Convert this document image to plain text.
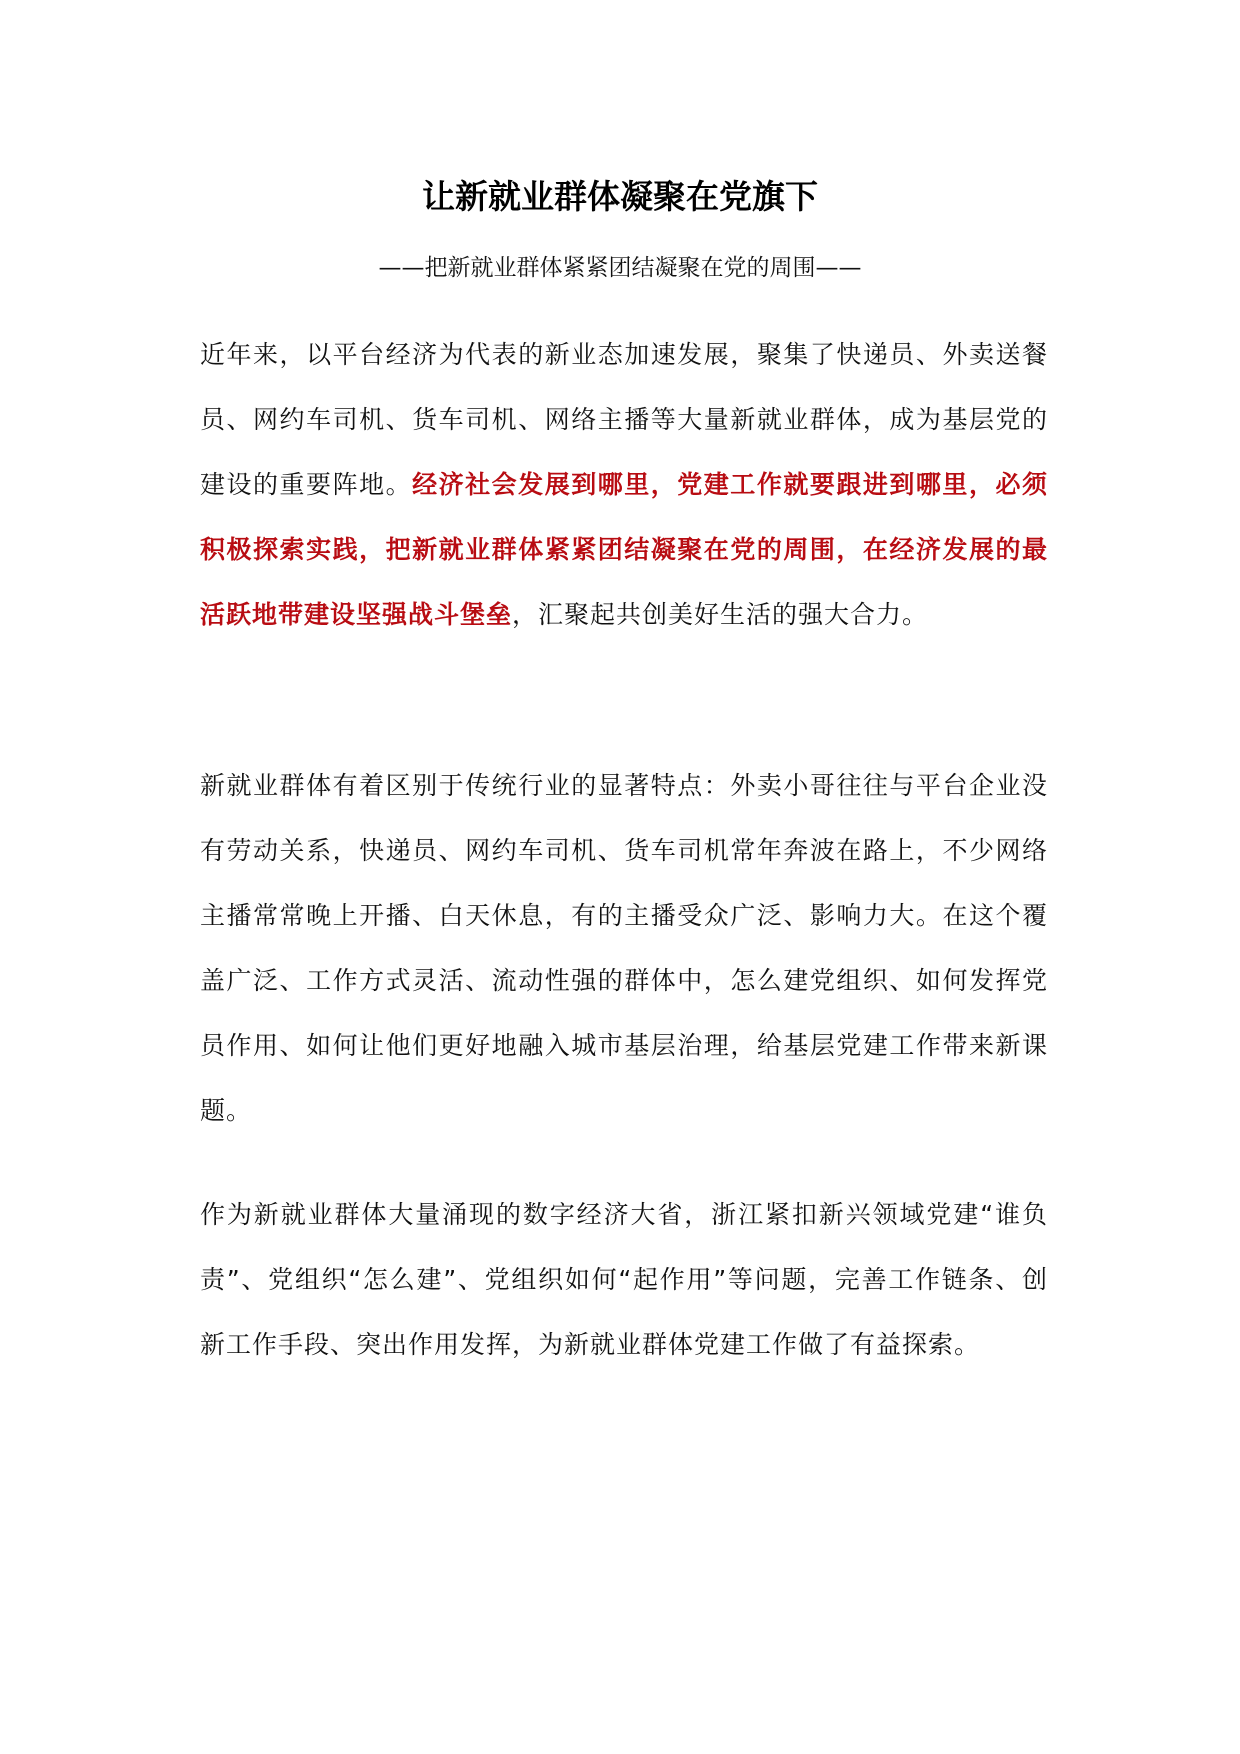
让新就业群体凝聚在党旗下
——把新就业群体紧紧团结凝聚在党的周围——

近年来，以平台经济为代表的新业态加速发展，聚集了快递员、外卖送餐员、网约车司机、货车司机、网络主播等大量新就业群体，成为基层党的建设的重要阵地。经济社会发展到哪里，党建工作就要跟进到哪里，必须积极探索实践，把新就业群体紧紧团结凝聚在党的周围，在经济发展的最活跃地带建设坚强战斗堡垒，汇聚起共创美好生活的强大合力。

新就业群体有着区别于传统行业的显著特点：外卖小哥往往与平台企业没有劳动关系，快递员、网约车司机、货车司机常年奔波在路上，不少网络主播常常晚上开播、白天休息，有的主播受众广泛、影响力大。在这个覆盖广泛、工作方式灵活、流动性强的群体中，怎么建党组织、如何发挥党员作用、如何让他们更好地融入城市基层治理，给基层党建工作带来新课题。

作为新就业群体大量涌现的数字经济大省，浙江紧扣新兴领域党建“谁负责”、党组织“怎么建”、党组织如何“起作用”等问题，完善工作链条、创新工作手段、突出作用发挥，为新就业群体党建工作做了有益探索。
